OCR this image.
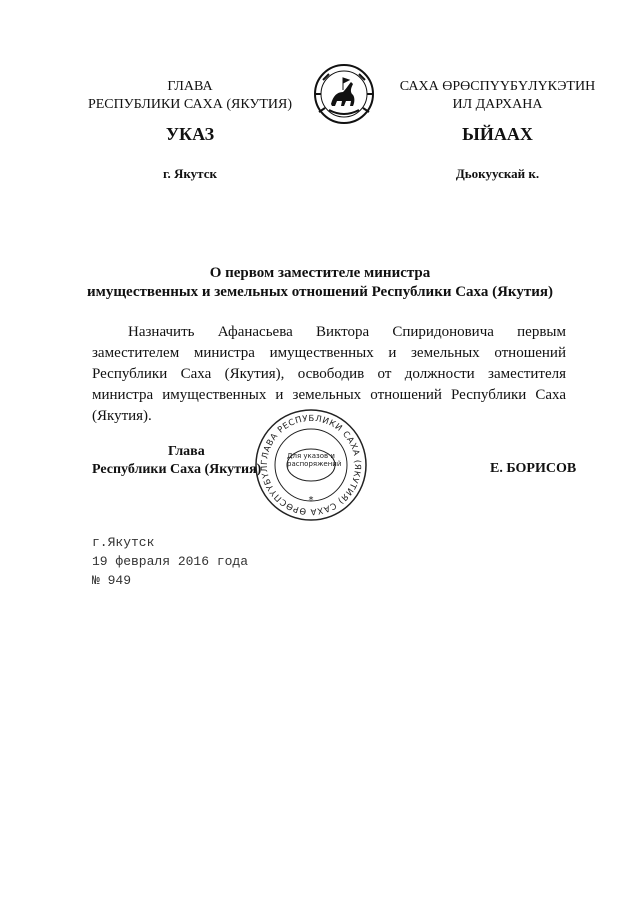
ГЛАВА
РЕСПУБЛИКИ САХА (ЯКУТИЯ)
САХА ӨРӨСПҮҮБҮЛҮКЭТИН
ИЛ ДАРХАНА
УКАЗ	ЫЙААХ
г. Якутск	Дьокуускай к.
О первом заместителе министра
имущественных и земельных отношений Республики Саха (Якутия)
Назначить Афанасьева Виктора Спиридоновича первым заместителем министра имущественных и земельных отношений Республики Саха (Якутия), освободив от должности заместителя министра имущественных и земельных отношений Республики Саха (Якутия).
Глава
Республики Саха (Якутия)
ГЛАВА РЕСПУБЛИКИ САХА (ЯКУТИЯ) САХА ӨРӨСПҮҮБҮЛ
Для указов и распоряжений
*
Е. БОРИСОВ
г.Якутск
19 февраля 2016 года
№ 949
